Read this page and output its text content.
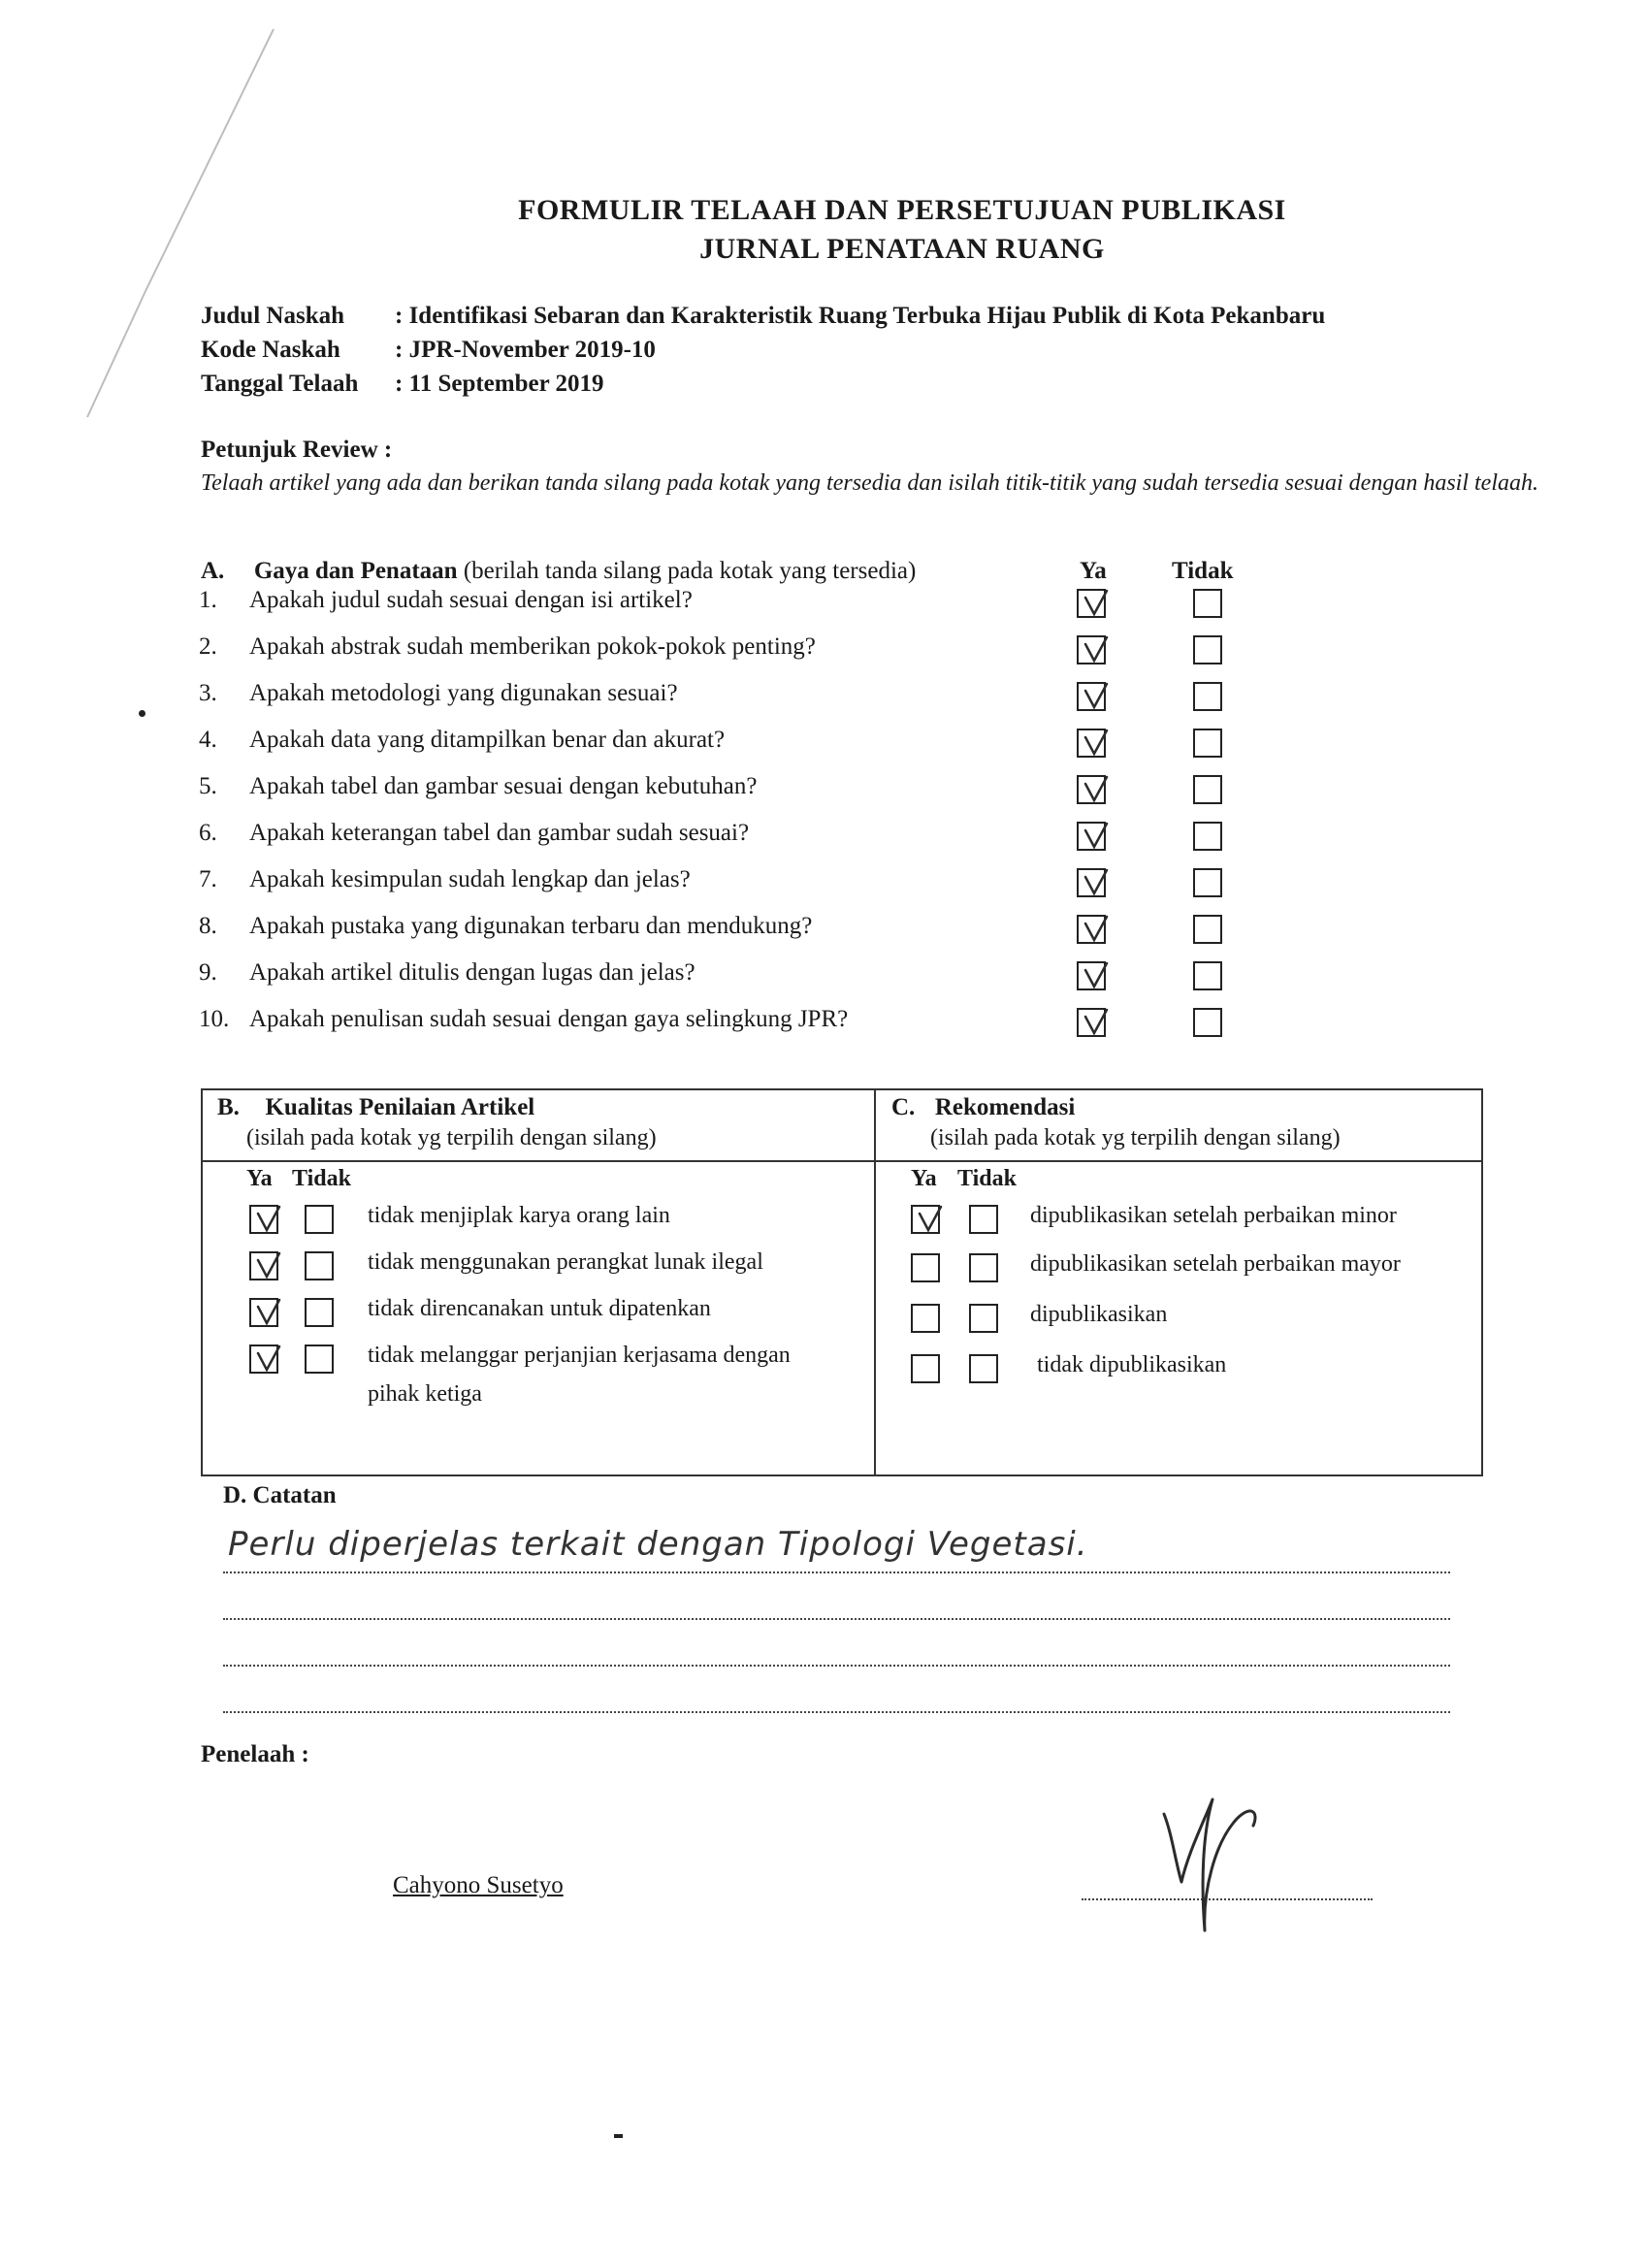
FORMULIR TELAAH DAN PERSETUJUAN PUBLIKASI
JURNAL PENATAAN RUANG
Judul Naskah : Identifikasi Sebaran dan Karakteristik Ruang Terbuka Hijau Publik di Kota Pekanbaru
Kode Naskah : JPR-November 2019-10
Tanggal Telaah : 11 September 2019
Petunjuk Review :
Telaah artikel yang ada dan berikan tanda silang pada kotak yang tersedia dan isilah titik-titik yang sudah tersedia sesuai dengan hasil telaah.
A. Gaya dan Penataan (berilah tanda silang pada kotak yang tersedia)	Ya	Tidak
1. Apakah judul sudah sesuai dengan isi artikel?
2. Apakah abstrak sudah memberikan pokok-pokok penting?
3. Apakah metodologi yang digunakan sesuai?
4. Apakah data yang ditampilkan benar dan akurat?
5. Apakah tabel dan gambar sesuai dengan kebutuhan?
6. Apakah keterangan tabel dan gambar sudah sesuai?
7. Apakah kesimpulan sudah lengkap dan jelas?
8. Apakah pustaka yang digunakan terbaru dan mendukung?
9. Apakah artikel ditulis dengan lugas dan jelas?
10. Apakah penulisan sudah sesuai dengan gaya selingkung JPR?
B. Kualitas Penilaian Artikel
(isilah pada kotak yg terpilih dengan silang)
Ya Tidak
tidak menjiplak karya orang lain
tidak menggunakan perangkat lunak ilegal
tidak direncanakan untuk dipatenkan
tidak melanggar perjanjian kerjasama dengan
pihak ketiga
C. Rekomendasi
(isilah pada kotak yg terpilih dengan silang)
Ya Tidak
dipublikasikan setelah perbaikan minor
dipublikasikan setelah perbaikan mayor
dipublikasikan
tidak dipublikasikan
D. Catatan
Perlu diperjelas terkait dengan Tipologi Vegetasi.
Penelaah :
Cahyono Susetyo
